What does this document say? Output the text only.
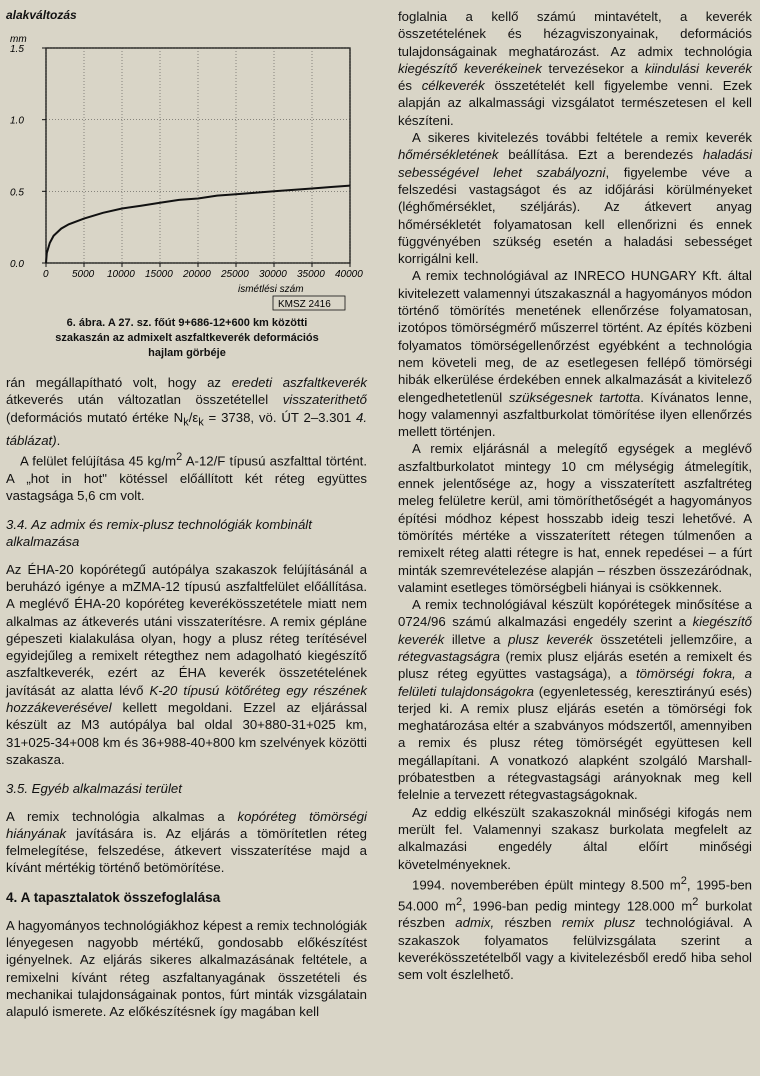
alakváltozás
mm
0.0
0.5
1.0
1.5
0 5000 10000 15000 20000 25000 30000 35000 40000
ismétlési szám
KMSZ 2416
6. ábra. A 27. sz. főút 9+686-12+600 km közötti
szakaszán az admixelt aszfaltkeverék deformációs
hajlam görbéje

rán megállapítható volt, hogy az eredeti aszfaltkeverék átkeverés után változatlan összetétellel visszaterithető (deformációs mutató értéke $N_k/\varepsilon_k = 3738$, vö. ÚT 2–3.301 4. táblázat).

A felület felújítása 45 $kg/m^2$ A-12/F típusú aszfalttal történt. A „hot in hot" kötéssel előállított két réteg együttes vastagsága 5,6 cm volt.

3.4. Az admix és remix-plusz technológiák kombinált alkalmazása

Az ÉHA-20 kopórétegű autópálya szakaszok felújításánál a beruházó igénye a mZMA-12 típusú aszfaltfelület előállítása. A meglévő ÉHA-20 kopóréteg keverékösszetétele miatt nem alkalmas az átkeverés utáni visszaterítésre. A remix gépláne gépeszeti kialakulása olyan, hogy a plusz réteg terítésével egyidejűleg a remixelt rétegthez nem adagolható kiegészítő aszfaltkeverék, ezért az ÉHA keverék összetételének javítását az alatta lévő K-20 típusú kötőréteg egy részének hozzákeverésével kellett megoldani. Ezzel az eljárással készült az M3 autópálya bal oldal 30+880-31+025 km, 31+025-34+008 km és 36+988-40+800 km szelvények közötti szakasza.

3.5. Egyéb alkalmazási terület

A remix technológia alkalmas a kopóréteg tömörségi hiányának javítására is. Az eljárás a tömörítetlen réteg felmelegítése, felszedése, átkevert visszaterítése majd a kívánt mértékig történő betömörítése.

4. A tapasztalatok összefoglalása

A hagyományos technológiákhoz képest a remix technológiák lényegesen nagyobb mértékű, gondosabb előkészítést igényelnek. Az eljárás sikeres alkalmazásának feltétele, a remixelni kívánt réteg aszfaltanyagának összetételi és mechanikai tulajdonságainak pontos, fúrt minták vizsgálatain alapuló ismerete. Az előkészítésnek így magában kell

foglalnia a kellő számú mintavételt, a keverék összetételének és hézagviszonyainak, deformációs tulajdonságainak meghatározást. Az admix technológia kiegészítő keverékeinek tervezésekor a kiindulási keverék és célkeverék összetételét kell figyelembe venni. Ezek alapján az alkalmassági vizsgálatot természetesen el kell készíteni.

A sikeres kivitelezés további feltétele a remix keverék hőmérsékletének beállítása. Ezt a berendezés haladási sebességével lehet szabályozni, figyelembe véve a felszedési vastagságot és az időjárási körülményeket (léghőmérséklet, széljárás). Az átkevert anyag hőmérsékletét folyamatosan kell ellenőrizni és ennek függvényében szükség esetén a haladási sebességet korrigálni kell.

A remix technológiával az INRECO HUNGARY Kft. által kivitelezett valamennyi útszakasznál a hagyományos módon történő tömörítés menetének ellenőrzése folyamatosan, izotópos tömörségmérő műszerrel történt. Az építés közbeni folyamatos tömörségellenőrzést egyébként a technológia nem követeli meg, de az esetlegesen fellépő tömörségi hibák elkerülése érdekében ennek alkalmazását a kivitelező elengedhetetlenül szükségesnek tartotta. Kívánatos lenne, hogy valamennyi aszfaltburkolat tömörítése ilyen ellenőrzés mellett történjen.

A remix eljárásnál a melegítő egységek a meglévő aszfaltburkolatot mintegy 10 cm mélységig átmelegítik, ennek jelentősége az, hogy a visszaterített aszfaltréteg meleg felületre kerül, ami tömöríthetőségét a hagyományos építési módhoz képest hosszabb ideig teszi lehetővé. A tömörítés mértéke a visszaterített rétegen túlmenően a remixelt réteg alatti rétegre is hat, ennek repedései – a fúrt minták szemrevételezése alapján – részben összezáródnak, valamint esetleges tömörségbeli hiányai is csökkennek.

A remix technológiával készült kopórétegek minősítése a 0724/96 számú alkalmazási engedély szerint a kiegészítő keverék illetve a plusz keverék összetételi jellemzőire, a rétegvastagságra (remix plusz eljárás esetén a remixelt és plusz réteg együttes vastagsága), a tömörségi fokra, a felületi tulajdonságokra (egyenletesség, keresztirányú esés) terjed ki. A remix plusz eljárás esetén a tömörségi fok meghatározása eltér a szabványos módszertől, amennyiben a remix és plusz réteg tömörségét együttesen kell megállapítani. A vonatkozó alapként szolgáló Marshall-próbatestben a rétegvastagsági arányoknak meg kell felelnie a tervezett rétegvastagságoknak.

Az eddig elkészült szakaszoknál minőségi kifogás nem merült fel. Valamennyi szakasz burkolata megfelelt az alkalmazási engedély által előírt minőségi követelményeknek.

1994. novemberében épült mintegy 8.500 $m^2$, 1995-ben 54.000 $m^2$, 1996-ban pedig mintegy 128.000 $m^2$ burkolat részben admix, részben remix plusz technológiával. A szakaszok folyamatos felülvizsgálata szerint a keverékösszetételből vagy a kivitelezésből eredő hiba sehol sem volt észlelhető.
